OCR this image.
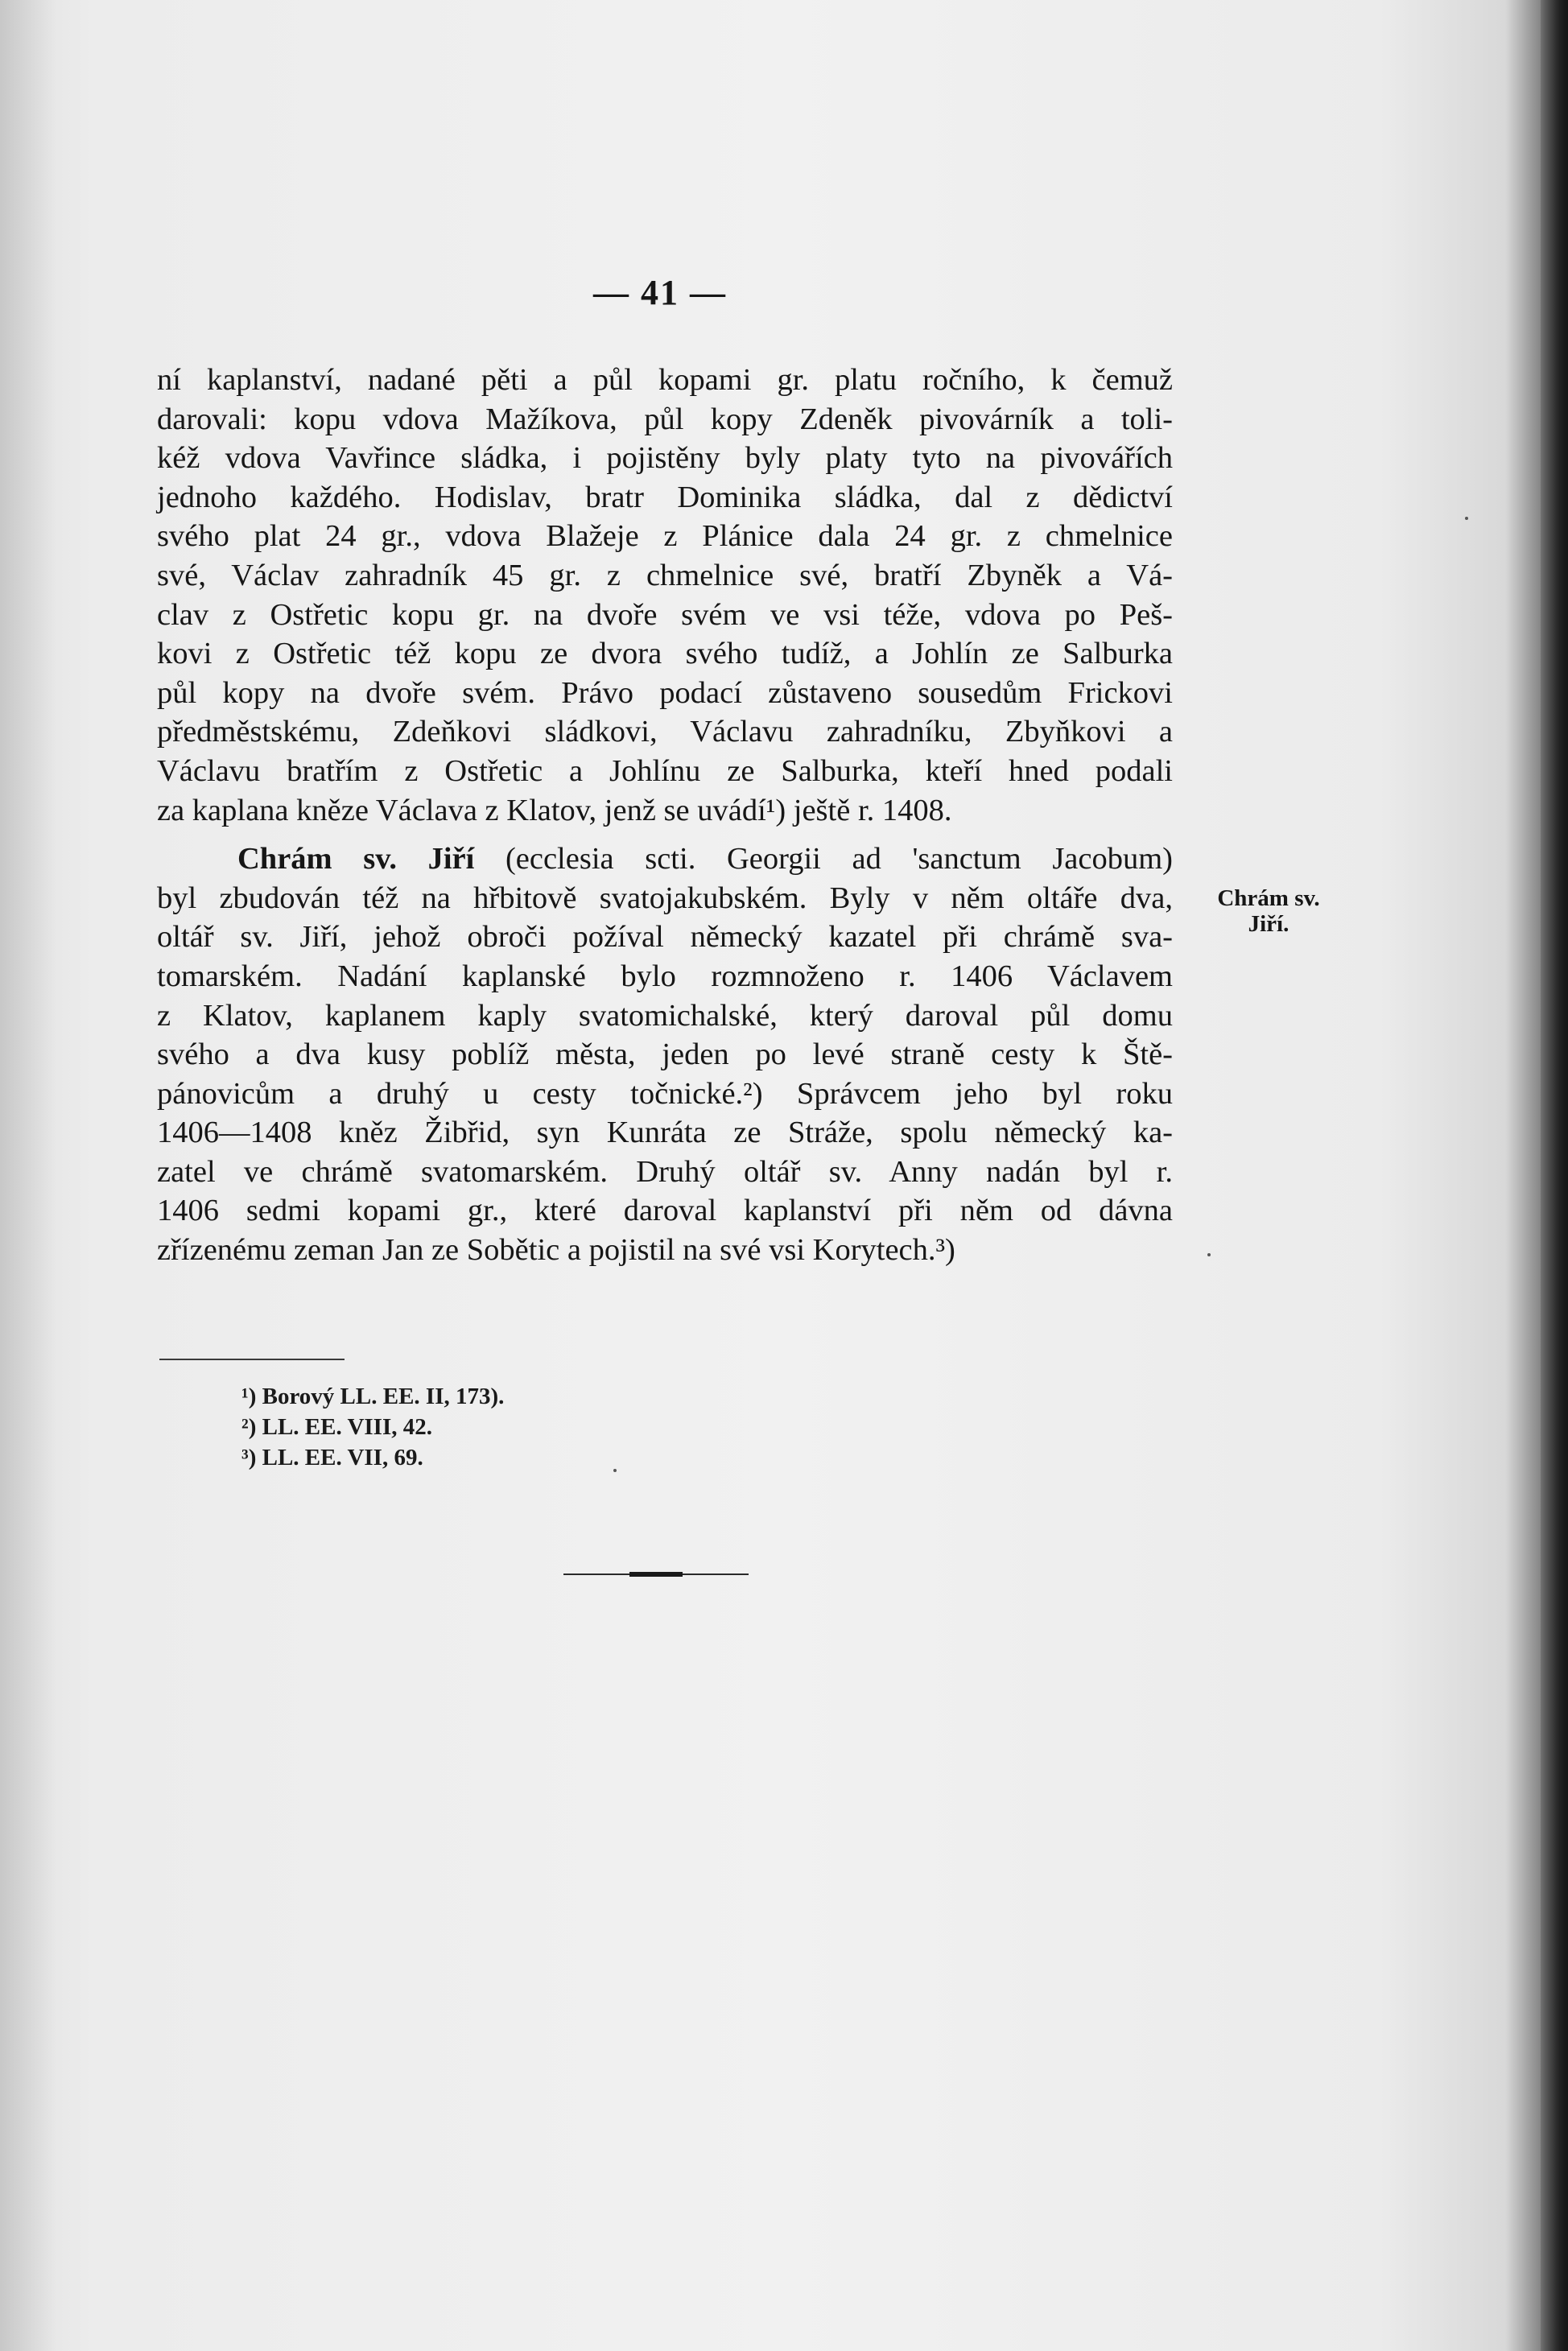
— 41 —
ní kaplanství, nadané pěti a půl kopami gr. platu ročního, k čemuž
darovali: kopu vdova Mažíkova, půl kopy Zdeněk pivovárník a toli-
kéž vdova Vavřince sládka, i pojistěny byly platy tyto na pivovářích
jednoho každého. Hodislav, bratr Dominika sládka, dal z dědictví
svého plat 24 gr., vdova Blažeje z Plánice dala 24 gr. z chmelnice
své, Václav zahradník 45 gr. z chmelnice své, bratří Zbyněk a Vá-
clav z Ostřetic kopu gr. na dvoře svém ve vsi téže, vdova po Peš-
kovi z Ostřetic též kopu ze dvora svého tudíž, a Johlín ze Salburka
půl kopy na dvoře svém. Právo podací zůstaveno sousedům Frickovi
předměstskému, Zdeňkovi sládkovi, Václavu zahradníku, Zbyňkovi a
Václavu bratřím z Ostřetic a Johlínu ze Salburka, kteří hned podali
za kaplana kněze Václava z Klatov, jenž se uvádí¹) ještě r. 1408.
Chrám sv. Jiří (ecclesia scti. Georgii ad 'sanctum Jacobum)
byl zbudován též na hřbitově svatojakubském. Byly v něm oltáře dva,
oltář sv. Jiří, jehož obroči požíval německý kazatel při chrámě sva-
tomarském. Nadání kaplanské bylo rozmnoženo r. 1406 Václavem
z Klatov, kaplanem kaply svatomichalské, který daroval půl domu
svého a dva kusy poblíž města, jeden po levé straně cesty k Ště-
pánovicům a druhý u cesty točnické.²) Správcem jeho byl roku
1406—1408 kněz Žibřid, syn Kunráta ze Stráže, spolu německý ka-
zatel ve chrámě svatomarském. Druhý oltář sv. Anny nadán byl r.
1406 sedmi kopami gr., které daroval kaplanství při něm od dávna
zřízenému zeman Jan ze Sobětic a pojistil na své vsi Korytech.³)
Chrám sv.
Jiří.
¹) Borový LL. EE. II, 173).
²) LL. EE. VIII, 42.
³) LL. EE. VII, 69.
